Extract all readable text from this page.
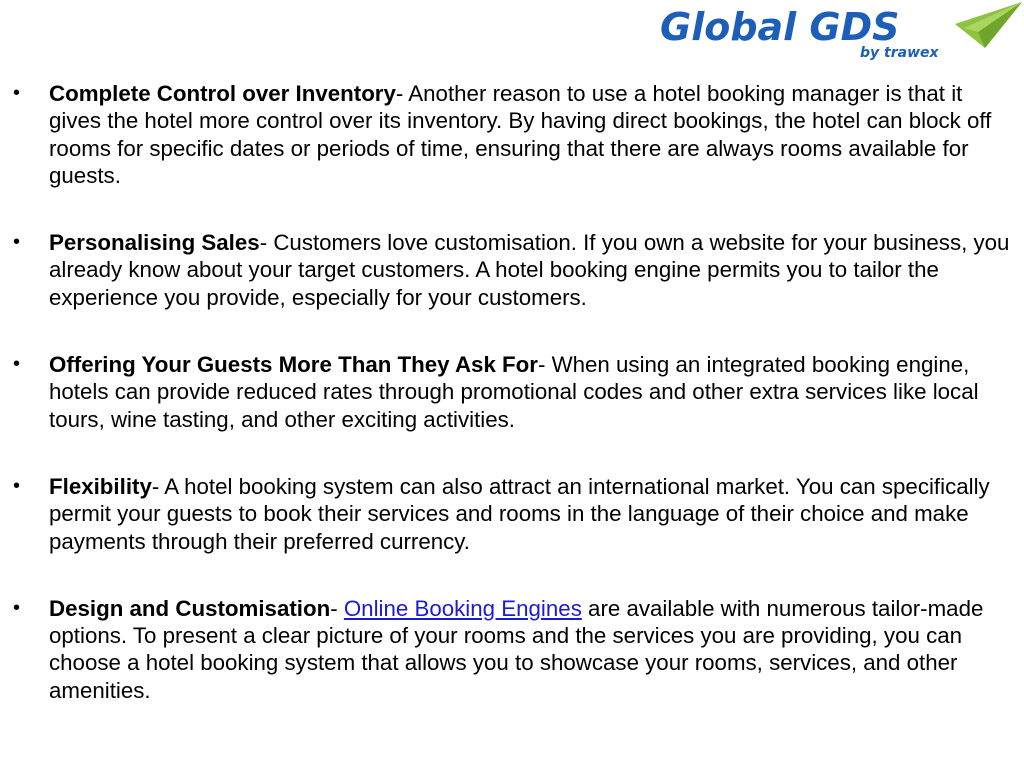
Global GDS
by trawex
• Complete Control over Inventory- Another reason to use a hotel booking manager is that it gives the hotel more control over its inventory. By having direct bookings, the hotel can block off rooms for specific dates or periods of time, ensuring that there are always rooms available for guests.
• Personalising Sales- Customers love customisation. If you own a website for your business, you already know about your target customers. A hotel booking engine permits you to tailor the experience you provide, especially for your customers.
• Offering Your Guests More Than They Ask For- When using an integrated booking engine, hotels can provide reduced rates through promotional codes and other extra services like local tours, wine tasting, and other exciting activities.
• Flexibility- A hotel booking system can also attract an international market. You can specifically permit your guests to book their services and rooms in the language of their choice and make payments through their preferred currency.
• Design and Customisation- Online Booking Engines are available with numerous tailor-made options. To present a clear picture of your rooms and the services you are providing, you can choose a hotel booking system that allows you to showcase your rooms, services, and other amenities.
